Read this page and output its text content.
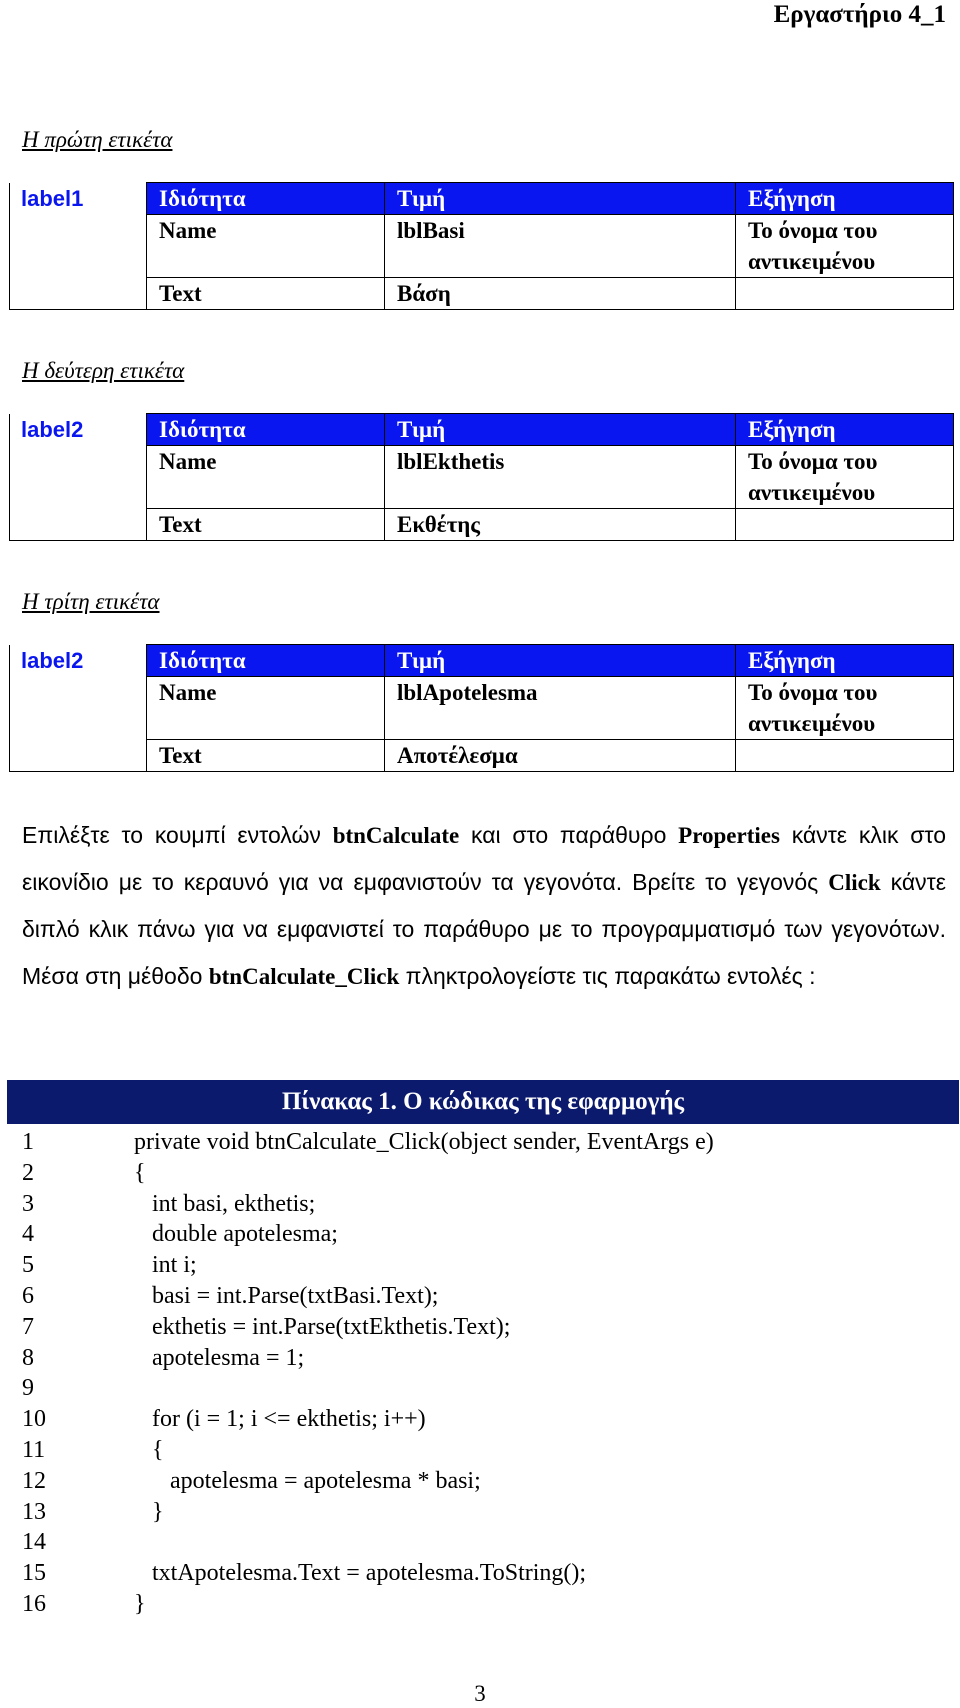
Εργαστήριο 4_1
Η πρώτη ετικέτα
label1	Ιδιότητα	Τιμή	Εξήγηση
	Name	lblBasi	Το όνομα του αντικειμένου
	Text	Βάση	
Η δεύτερη ετικέτα
label2	Ιδιότητα	Τιμή	Εξήγηση
	Name	lblEkthetis	Το όνομα του αντικειμένου
	Text	Εκθέτης	
Η τρίτη ετικέτα
label2	Ιδιότητα	Τιμή	Εξήγηση
	Name	lblApotelesma	Το όνομα του αντικειμένου
	Text	Αποτέλεσμα	
Επιλέξτε το κουμπί εντολών btnCalculate και στο παράθυρο Properties κάντε κλικ στο εικονίδιο με το κεραυνό για να εμφανιστούν τα γεγονότα. Βρείτε το γεγονός Click κάντε διπλό κλικ πάνω για να εμφανιστεί το παράθυρο με το προγραμματισμό των γεγονότων. Μέσα στη μέθοδο btnCalculate_Click πληκτρολογείστε τις παρακάτω εντολές :
Πίνακας 1. Ο κώδικας της εφαρμογής
1	private void btnCalculate_Click(object sender, EventArgs e)
2	{
3	int basi, ekthetis;
4	double apotelesma;
5	int i;
6	basi = int.Parse(txtBasi.Text);
7	ekthetis = int.Parse(txtEkthetis.Text);
8	apotelesma = 1;
9
10	for (i = 1; i <= ekthetis; i++)
11	{
12	apotelesma = apotelesma * basi;
13	}
14
15	txtApotelesma.Text = apotelesma.ToString();
16	}
3
